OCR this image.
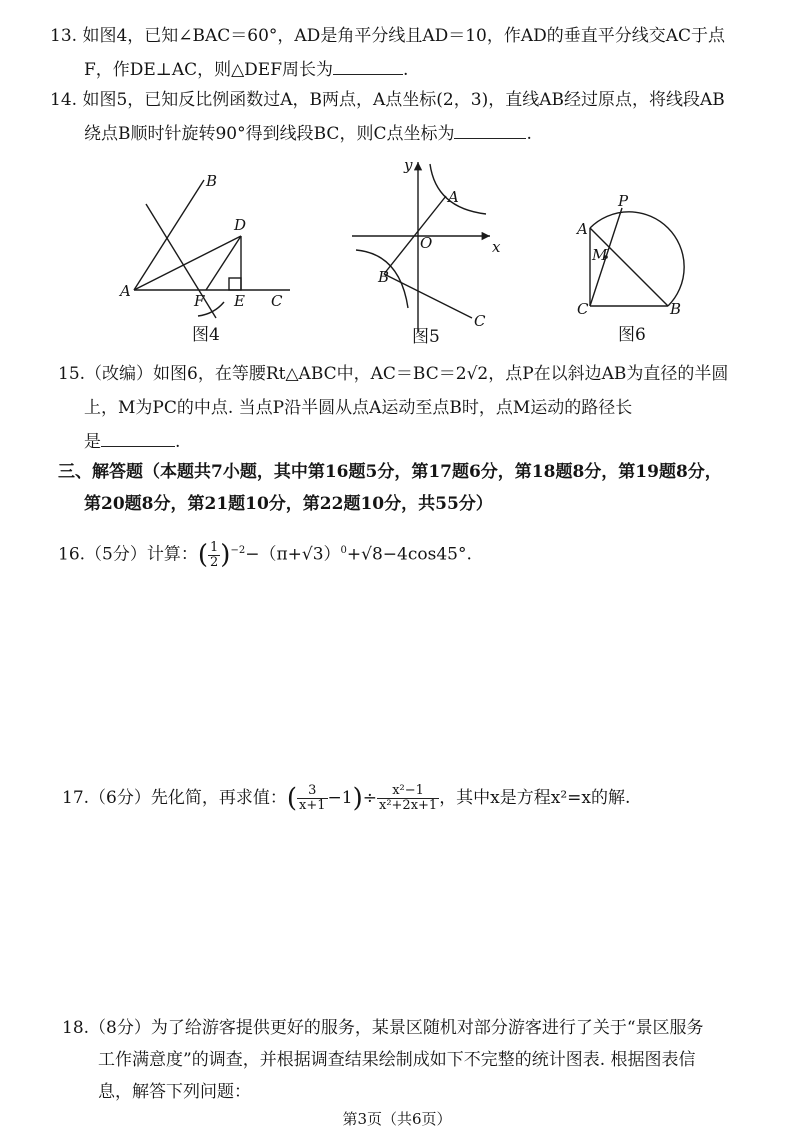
13. 如图4，已知∠BAC＝60°，AD是角平分线且AD＝10，作AD的垂直平分线交AC于点
F，作DE⊥AC，则△DEF周长为	.
14. 如图5，已知反比例函数过A，B两点，A点坐标(2，3)，直线AB经过原点，将线段AB
绕点B顺时针旋转90°得到线段BC，则C点坐标为	.
A
B
C
D
E
F
图4
A
B
C
O	x
y
图5
A
B
C
M
P
图6
15.（改编）如图6，在等腰Rt△ABC中，AC＝BC＝2√2，点P在以斜边AB为直径的半圆
上，M为PC的中点. 当点P沿半圆从点A运动至点B时，点M运动的路径长
是	.
三、解答题（本题共7小题，其中第16题5分，第17题6分，第18题8分，第19题8分，
第20题8分，第21题10分，第22题10分，共55分）
16.（5分）计算：( $\frac{1}{2} )^{-2}-(\pi+√3)^0+√8-4\cos 45^\circ$.
17.（6分）先化简，再求值：( $\frac{3}{x+1} -1)\div \frac{\text{x²−1}}{\text{x²+2x+1}}$ ，其中x是方程x²=x的解.
18.（8分）为了给游客提供更好的服务，某景区随机对部分游客进行了关于“景区服务
工作满意度”的调查，并根据调查结果绘制成如下不完整的统计图表. 根据图表信
息，解答下列问题：
第3页（共6页）
